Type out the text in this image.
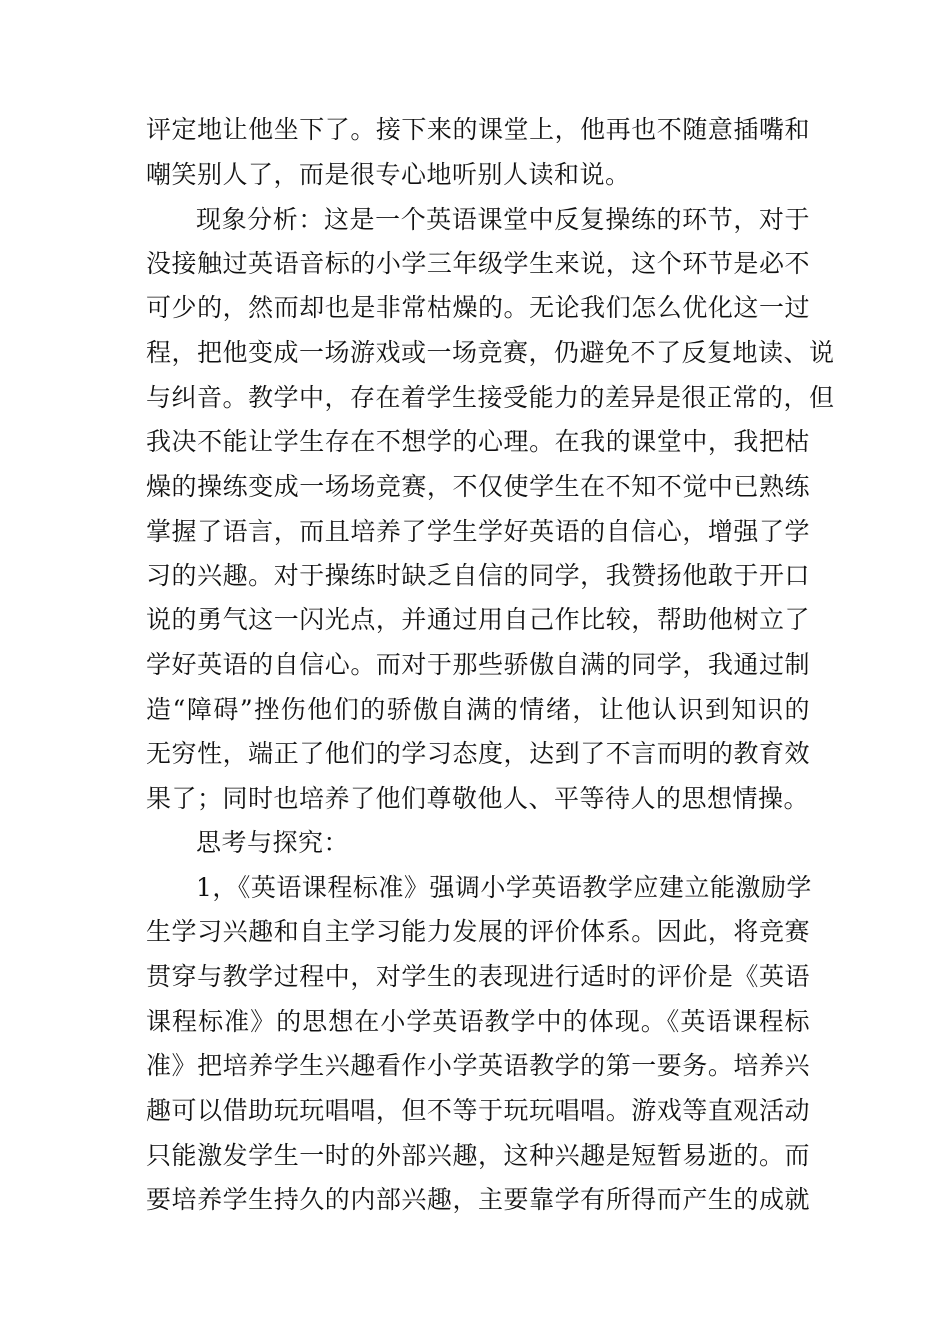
评定地让他坐下了。接下来的课堂上，他再也不随意插嘴和
嘲笑别人了，而是很专心地听别人读和说。
现象分析：这是一个英语课堂中反复操练的环节，对于
没接触过英语音标的小学三年级学生来说，这个环节是必不
可少的，然而却也是非常枯燥的。无论我们怎么优化这一过
程，把他变成一场游戏或一场竞赛，仍避免不了反复地读、说
与纠音。教学中，存在着学生接受能力的差异是很正常的，但
我决不能让学生存在不想学的心理。在我的课堂中，我把枯
燥的操练变成一场场竞赛，不仅使学生在不知不觉中已熟练
掌握了语言，而且培养了学生学好英语的自信心，增强了学
习的兴趣。对于操练时缺乏自信的同学，我赞扬他敢于开口
说的勇气这一闪光点，并通过用自己作比较，帮助他树立了
学好英语的自信心。而对于那些骄傲自满的同学，我通过制
造“障碍”挫伤他们的骄傲自满的情绪，让他认识到知识的
无穷性，端正了他们的学习态度，达到了不言而明的教育效
果了；同时也培养了他们尊敬他人、平等待人的思想情操。
思考与探究：
1，《英语课程标准》强调小学英语教学应建立能激励学
生学习兴趣和自主学习能力发展的评价体系。因此，将竞赛
贯穿与教学过程中，对学生的表现进行适时的评价是《英语
课程标准》的思想在小学英语教学中的体现。《英语课程标
准》把培养学生兴趣看作小学英语教学的第一要务。培养兴
趣可以借助玩玩唱唱，但不等于玩玩唱唱。游戏等直观活动
只能激发学生一时的外部兴趣，这种兴趣是短暂易逝的。而
要培养学生持久的内部兴趣，主要靠学有所得而产生的成就
